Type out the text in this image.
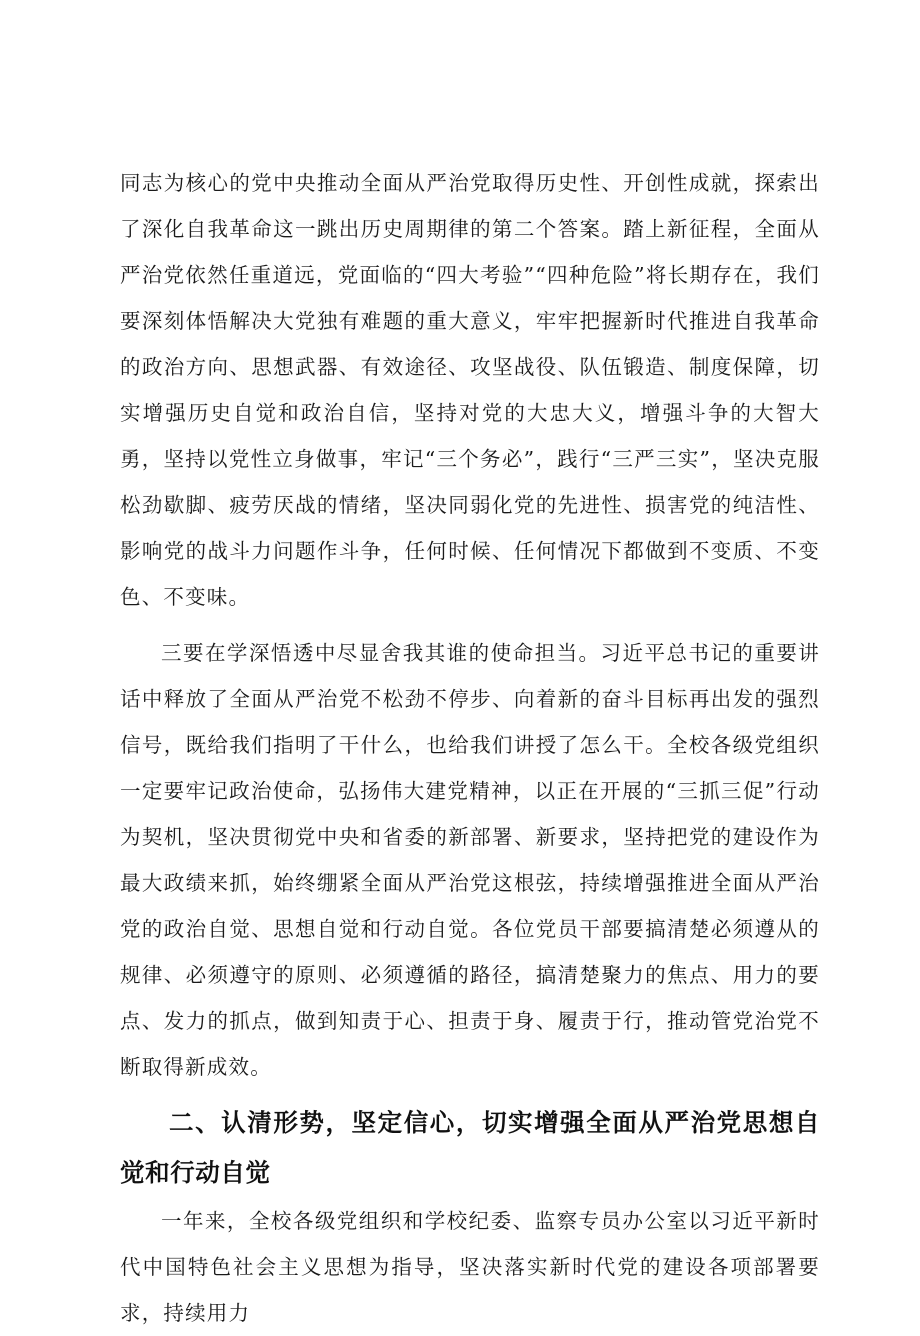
同志为核心的党中央推动全面从严治党取得历史性、开创性成就，探索出了深化自我革命这一跳出历史周期律的第二个答案。踏上新征程，全面从严治党依然任重道远，党面临的“四大考验”“四种危险”将长期存在，我们要深刻体悟解决大党独有难题的重大意义，牢牢把握新时代推进自我革命的政治方向、思想武器、有效途径、攻坚战役、队伍锻造、制度保障，切实增强历史自觉和政治自信，坚持对党的大忠大义，增强斗争的大智大勇，坚持以党性立身做事，牢记“三个务必”，践行“三严三实”，坚决克服松劲歇脚、疲劳厌战的情绪，坚决同弱化党的先进性、损害党的纯洁性、影响党的战斗力问题作斗争，任何时候、任何情况下都做到不变质、不变色、不变味。

三要在学深悟透中尽显舍我其谁的使命担当。习近平总书记的重要讲话中释放了全面从严治党不松劲不停步、向着新的奋斗目标再出发的强烈信号，既给我们指明了干什么，也给我们讲授了怎么干。全校各级党组织一定要牢记政治使命，弘扬伟大建党精神，以正在开展的“三抓三促”行动为契机，坚决贯彻党中央和省委的新部署、新要求，坚持把党的建设作为最大政绩来抓，始终绷紧全面从严治党这根弦，持续增强推进全面从严治党的政治自觉、思想自觉和行动自觉。各位党员干部要搞清楚必须遵从的规律、必须遵守的原则、必须遵循的路径，搞清楚聚力的焦点、用力的要点、发力的抓点，做到知责于心、担责于身、履责于行，推动管党治党不断取得新成效。

二、认清形势，坚定信心，切实增强全面从严治党思想自觉和行动自觉

一年来，全校各级党组织和学校纪委、监察专员办公室以习近平新时代中国特色社会主义思想为指导，坚决落实新时代党的建设各项部署要求，持续用力
